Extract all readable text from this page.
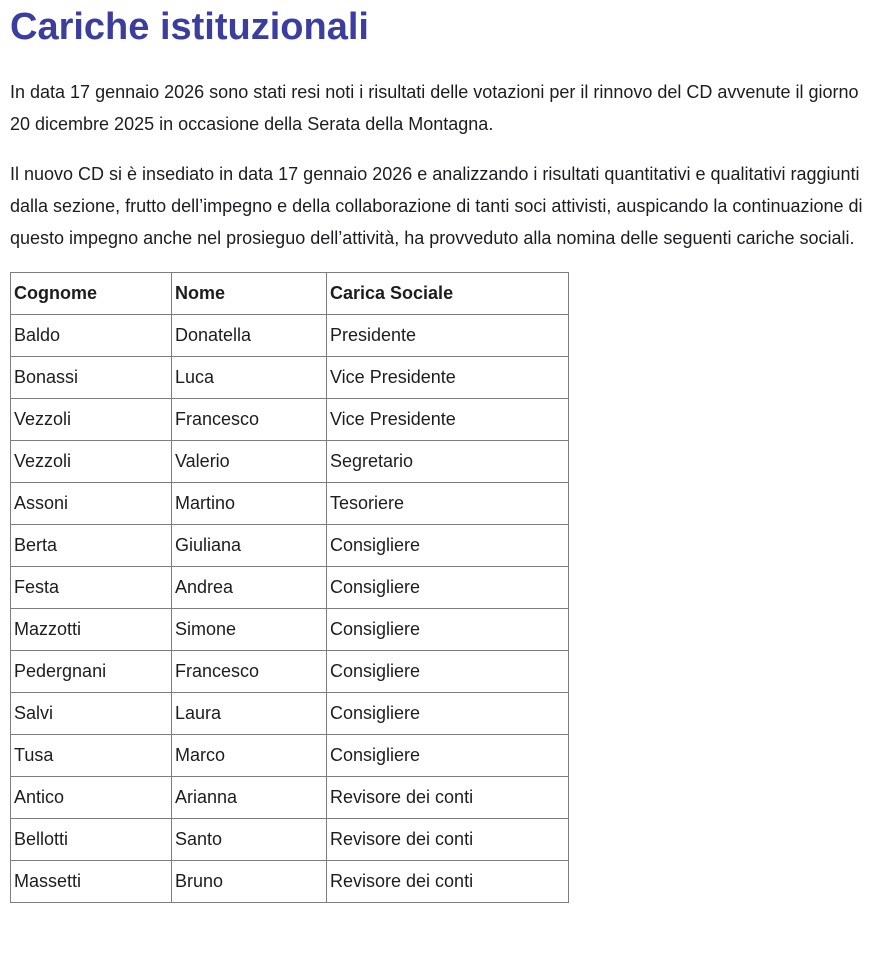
Cariche istituzionali

In data 17 gennaio 2026 sono stati resi noti i risultati delle votazioni per il rinnovo del CD avvenute il giorno 20 dicembre 2025 in occasione della Serata della Montagna.

Il nuovo CD si è insediato in data 17 gennaio 2026 e analizzando i risultati quantitativi e qualitativi raggiunti dalla sezione, frutto dell’impegno e della collaborazione di tanti soci attivisti, auspicando la continuazione di questo impegno anche nel prosieguo dell’attività, ha provveduto alla nomina delle seguenti cariche sociali.

Cognome	Nome	Carica Sociale
Baldo	Donatella	Presidente
Bonassi	Luca	Vice Presidente
Vezzoli	Francesco	Vice Presidente
Vezzoli	Valerio	Segretario
Assoni	Martino	Tesoriere
Berta	Giuliana	Consigliere
Festa	Andrea	Consigliere
Mazzotti	Simone	Consigliere
Pedergnani	Francesco	Consigliere
Salvi	Laura	Consigliere
Tusa	Marco	Consigliere
Antico	Arianna	Revisore dei conti
Bellotti	Santo	Revisore dei conti
Massetti	Bruno	Revisore dei conti
